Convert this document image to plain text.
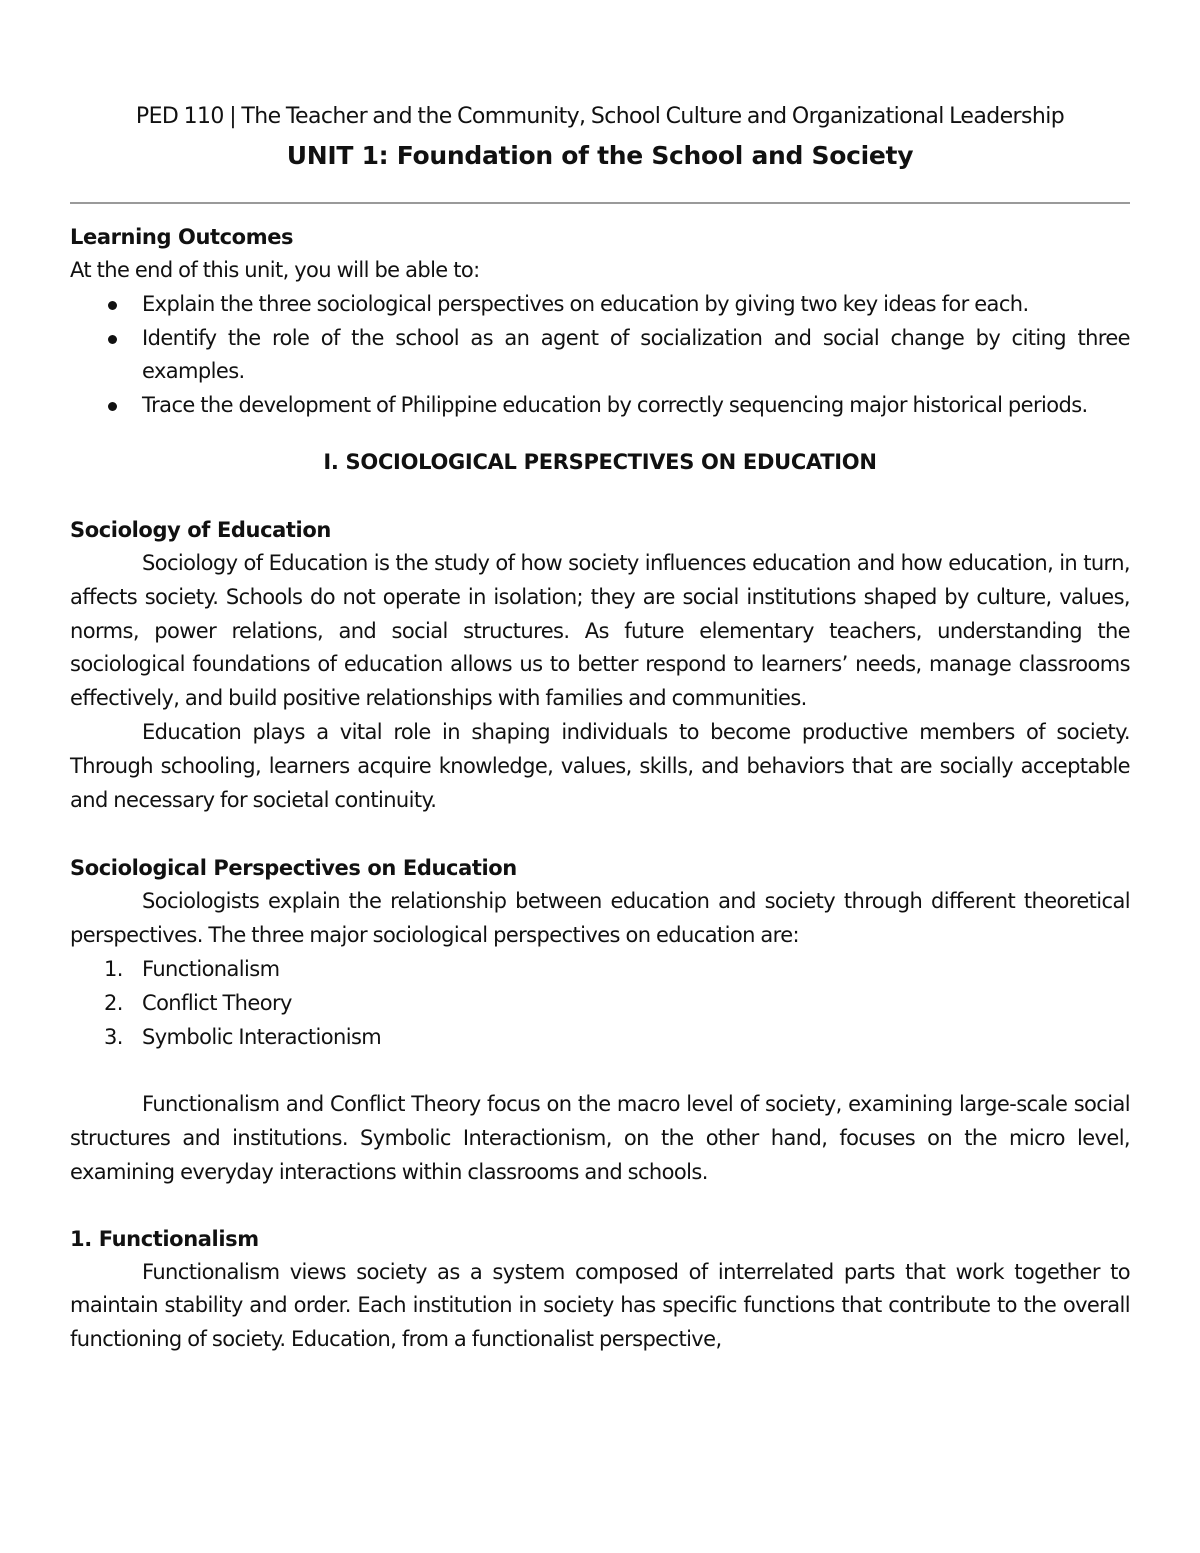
PED 110 | The Teacher and the Community, School Culture and Organizational Leadership
UNIT 1: Foundation of the School and Society
Learning Outcomes
At the end of this unit, you will be able to:
Explain the three sociological perspectives on education by giving two key ideas for each.
Identify the role of the school as an agent of socialization and social change by citing three examples.
Trace the development of Philippine education by correctly sequencing major historical periods.
I. SOCIOLOGICAL PERSPECTIVES ON EDUCATION
Sociology of Education
Sociology of Education is the study of how society influences education and how education, in turn, affects society. Schools do not operate in isolation; they are social institutions shaped by culture, values, norms, power relations, and social structures. As future elementary teachers, understanding the sociological foundations of education allows us to better respond to learners’ needs, manage classrooms effectively, and build positive relationships with families and communities.
Education plays a vital role in shaping individuals to become productive members of society. Through schooling, learners acquire knowledge, values, skills, and behaviors that are socially acceptable and necessary for societal continuity.
Sociological Perspectives on Education
Sociologists explain the relationship between education and society through different theoretical perspectives. The three major sociological perspectives on education are:
1. Functionalism
2. Conflict Theory
3. Symbolic Interactionism
Functionalism and Conflict Theory focus on the macro level of society, examining large-scale social structures and institutions. Symbolic Interactionism, on the other hand, focuses on the micro level, examining everyday interactions within classrooms and schools.
1. Functionalism
Functionalism views society as a system composed of interrelated parts that work together to maintain stability and order. Each institution in society has specific functions that contribute to the overall functioning of society. Education, from a functionalist perspective,
